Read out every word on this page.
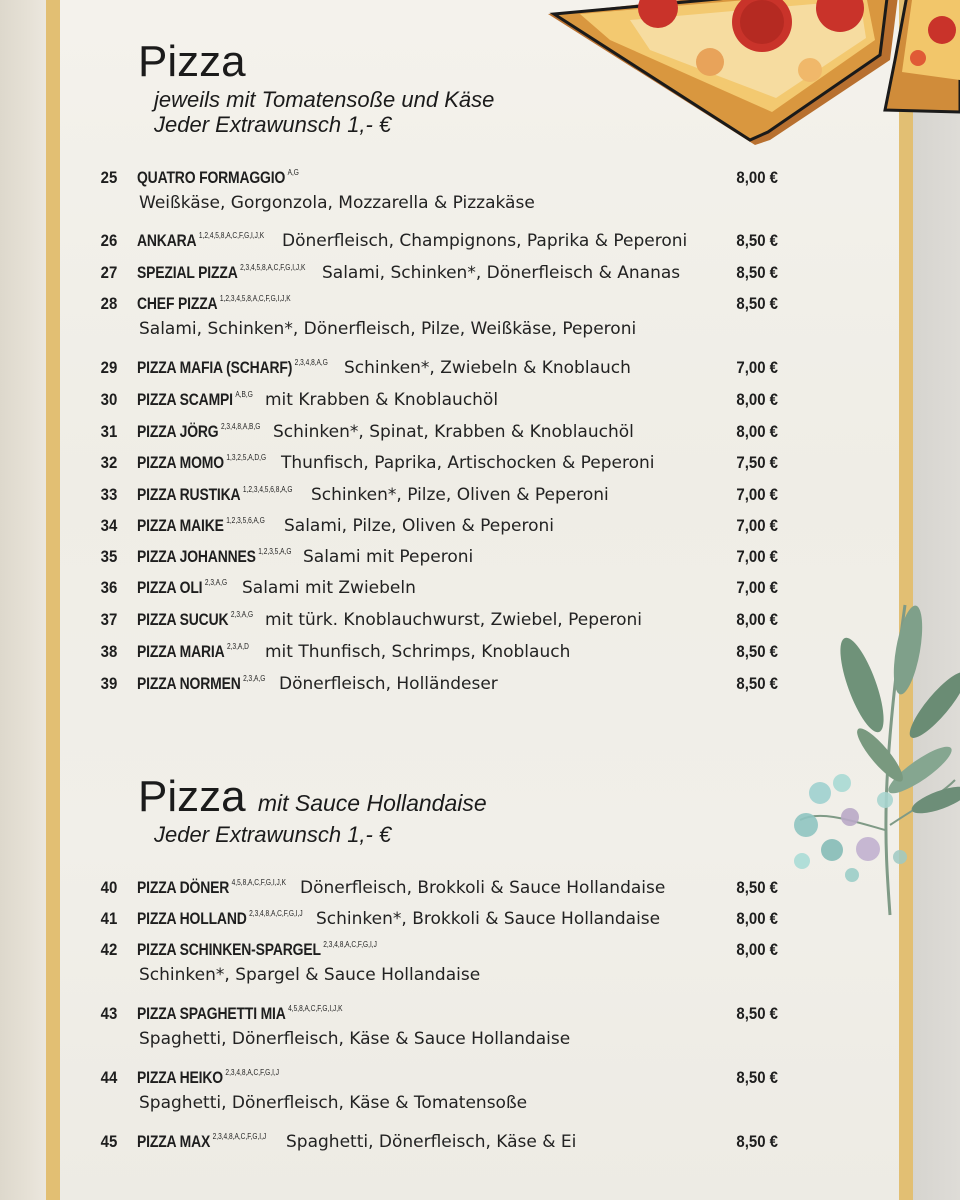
Pizza

jeweils mit Tomatensoße und Käse

Jeder Extrawunsch 1,- €

25 QUATRO FORMAGGIO $^{A,G}$
Weißkäse, Gorgonzola, Mozzarella & Pizzakäse
8,00 €
26 ANKARA $^{1,2,4,5,8,A,C,F,G,I,J,K}$ Dönerfleisch, Champignons, Paprika & Peperoni	8,50 €
27 SPEZIAL PIZZA $^{2,3,4,5,8,A,C,F,G,I,J,K}$ Salami, Schinken*, Dönerfleisch & Ananas	8,50 €
28 CHEF PIZZA $^{1,2,3,4,5,8,A,C,F,G,I,J,K}$
Salami, Schinken*, Dönerfleisch, Pilze, Weißkäse, Peperoni
8,50 €
29 PIZZA MAFIA (SCHARF) $^{2,3,4,8,A,G}$ Schinken*, Zwiebeln & Knoblauch	7,00 €
30 PIZZA SCAMPI $^{A,B,G}$ mit Krabben & Knoblauchöl	8,00 €
31 PIZZA JÖRG $^{2,3,4,8,A,B,G}$ Schinken*, Spinat, Krabben & Knoblauchöl	8,00 €
32 PIZZA MOMO $^{1,3,2,5,A,D,G}$ Thunfisch, Paprika, Artischocken & Peperoni	7,50 €
33 PIZZA RUSTIKA $^{1,2,3,4,5,6,8,A,G}$ Schinken*, Pilze, Oliven & Peperoni	7,00 €
34 PIZZA MAIKE $^{1,2,3,5,6,A,G}$ Salami, Pilze, Oliven & Peperoni	7,00 €
35 PIZZA JOHANNES $^{1,2,3,5,A,G}$ Salami mit Peperoni	7,00 €
36 PIZZA OLI $^{2,3,A,G}$ Salami mit Zwiebeln	7,00 €
37 PIZZA SUCUK $^{2,3,A,G}$ mit türk. Knoblauchwurst, Zwiebel, Peperoni	8,00 €
38 PIZZA MARIA $^{2,3,A,D}$ mit Thunfisch, Schrimps, Knoblauch	8,50 €
39 PIZZA NORMEN $^{2,3,A,G}$ Dönerfleisch, Holländeser	8,50 €
Pizza mit Sauce Hollandaise

Jeder Extrawunsch 1,- €

40 PIZZA DÖNER $^{4,5,8,A,C,F,G,I,J,K}$ Dönerfleisch, Brokkoli & Sauce Hollandaise	8,50 €
41 PIZZA HOLLAND $^{2,3,4,8,A,C,F,G,I,J}$ Schinken*, Brokkoli & Sauce Hollandaise	8,00 €
42 PIZZA SCHINKEN-SPARGEL $^{2,3,4,8,A,C,F,G,I,J}$
Schinken*, Spargel & Sauce Hollandaise
8,00 €
43 PIZZA SPAGHETTI MIA $^{4,5,8,A,C,F,G,I,J,K}$
Spaghetti, Dönerfleisch, Käse & Sauce Hollandaise
8,50 €
44 PIZZA HEIKO $^{2,3,4,8,A,C,F,G,I,J}$
Spaghetti, Dönerfleisch, Käse & Tomatensoße
8,50 €
45 PIZZA MAX $^{2,3,4,8,A,C,F,G,I,J}$ Spaghetti, Dönerfleisch, Käse & Ei	8,50 €
